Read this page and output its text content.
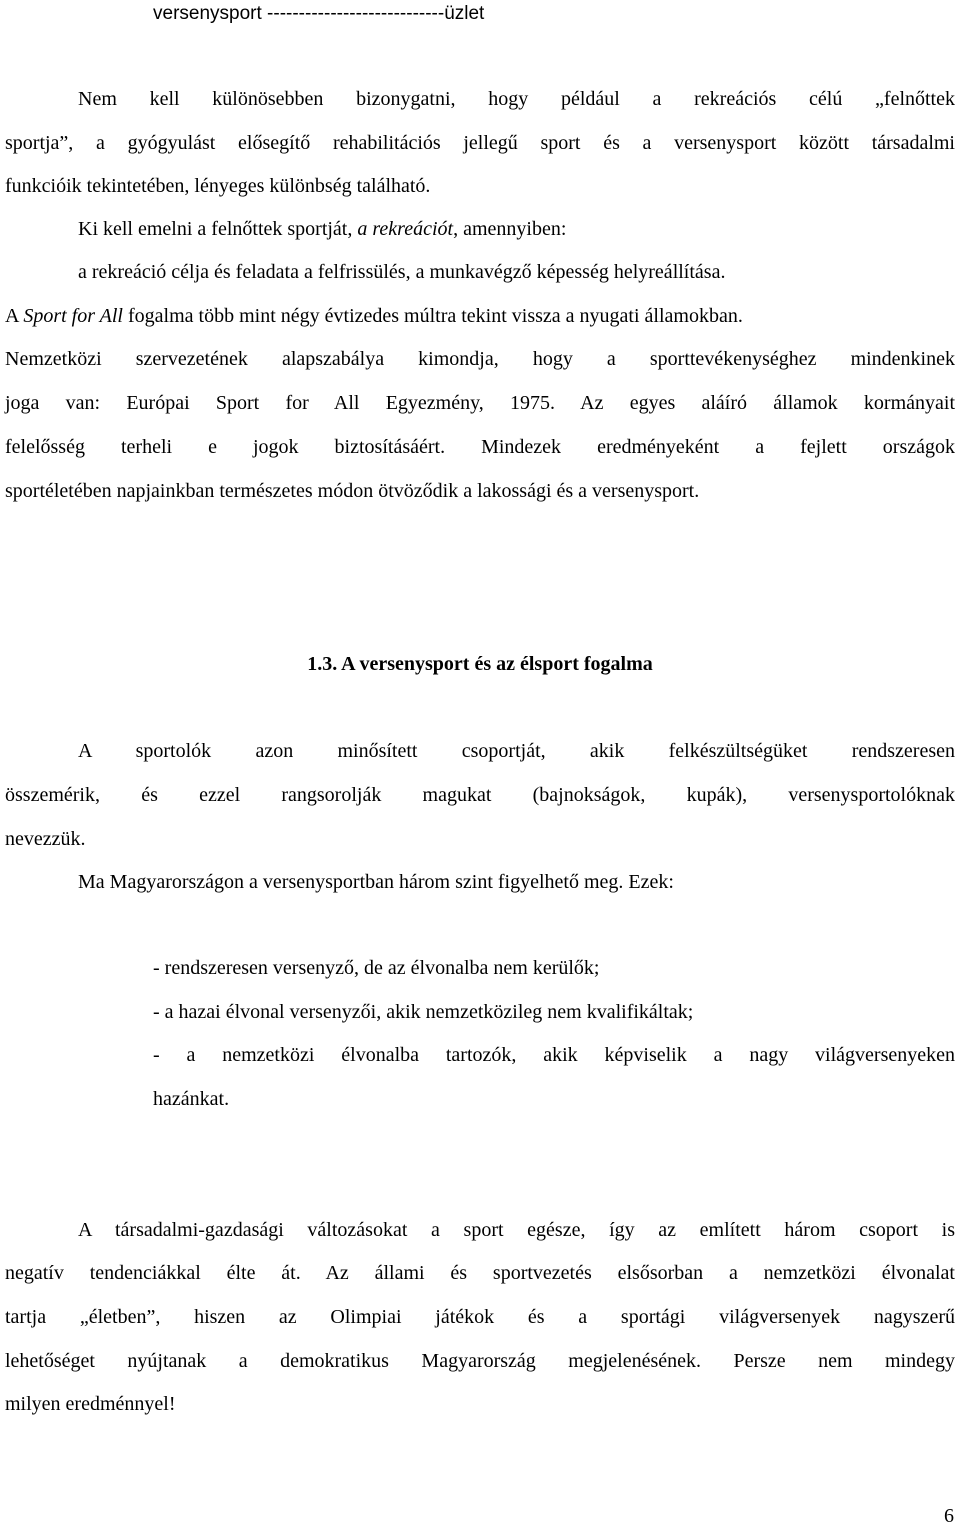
versenysport ----------------------------üzlet
Nem kell különösebben bizonygatni, hogy például a rekreációs célú „felnőttek
sportja”, a gyógyulást elősegítő rehabilitációs jellegű sport és a versenysport között társadalmi
funkcióik tekintetében, lényeges különbség található.
Ki kell emelni a felnőttek sportját, a rekreációt, amennyiben:
a rekreáció célja és feladata a felfrissülés, a munkavégző képesség helyreállítása.
A Sport for All fogalma több mint négy évtizedes múltra tekint vissza a nyugati államokban.
Nemzetközi szervezetének alapszabálya kimondja, hogy a sporttevékenységhez mindenkinek
joga van: Európai Sport for All Egyezmény, 1975. Az egyes aláíró államok kormányait
felelősség terheli e jogok biztosításáért. Mindezek eredményeként a fejlett országok
sportéletében napjainkban természetes módon ötvöződik a lakossági és a versenysport.
1.3. A versenysport és az élsport fogalma
A sportolók azon minősített csoportját, akik felkészültségüket rendszeresen
összemérik, és ezzel rangsorolják magukat (bajnokságok, kupák), versenysportolóknak
nevezzük.
Ma Magyarországon a versenysportban három szint figyelhető meg. Ezek:
- rendszeresen versenyző, de az élvonalba nem kerülők;
- a hazai élvonal versenyzői, akik nemzetközileg nem kvalifikáltak;
- a nemzetközi élvonalba tartozók, akik képviselik a nagy világversenyeken
hazánkat.
A társadalmi-gazdasági változásokat a sport egésze, így az említett három csoport is
negatív tendenciákkal élte át. Az állami és sportvezetés elsősorban a nemzetközi élvonalat
tartja „életben”, hiszen az Olimpiai játékok és a sportági világversenyek nagyszerű
lehetőséget nyújtanak a demokratikus Magyarország megjelenésének. Persze nem mindegy
milyen eredménnyel!
6
